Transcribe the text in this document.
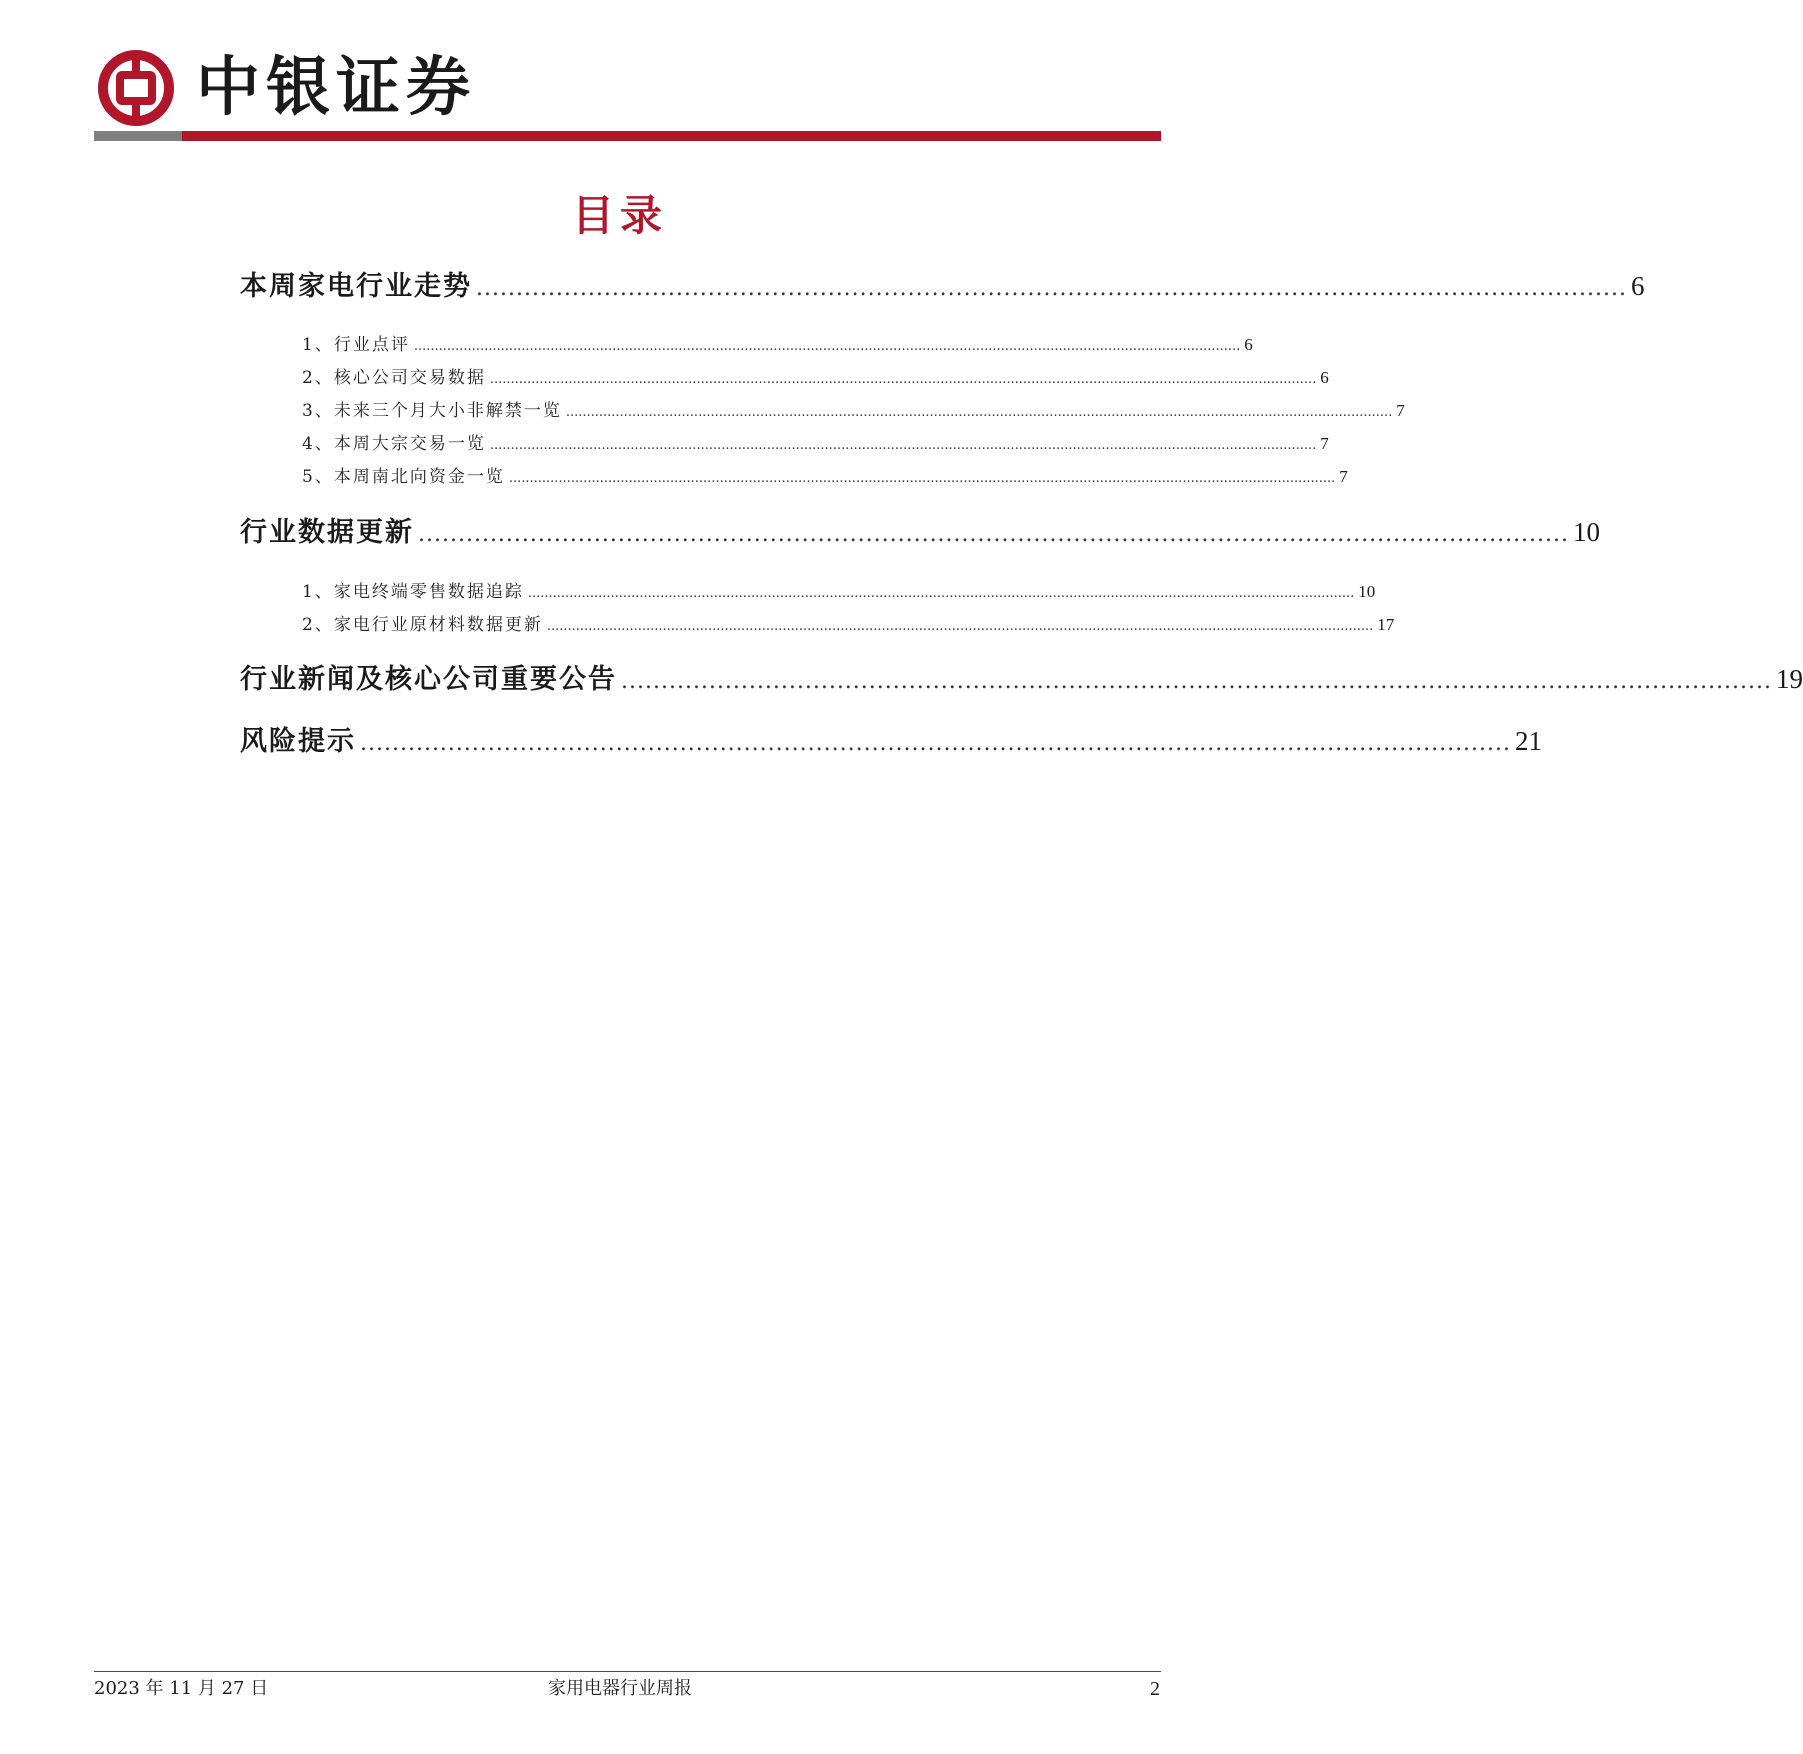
中银证券
目录
本周家电行业走势 ................................................................................................................................................ 6
1、行业点评 ........................................................................................................................................................................................................ 6
2、核心公司交易数据 ........................................................................................................................................................................................................ 6
3、未来三个月大小非解禁一览 ........................................................................................................................................................................................................ 7
4、本周大宗交易一览 ........................................................................................................................................................................................................ 7
5、本周南北向资金一览 ........................................................................................................................................................................................................ 7
行业数据更新 ................................................................................................................................................ 10
1、家电终端零售数据追踪 ........................................................................................................................................................................................................ 10
2、家电行业原材料数据更新 ........................................................................................................................................................................................................ 17
行业新闻及核心公司重要公告 ................................................................................................................................................ 19
风险提示 ................................................................................................................................................ 21
2023 年 11 月 27 日	家用电器行业周报	2
